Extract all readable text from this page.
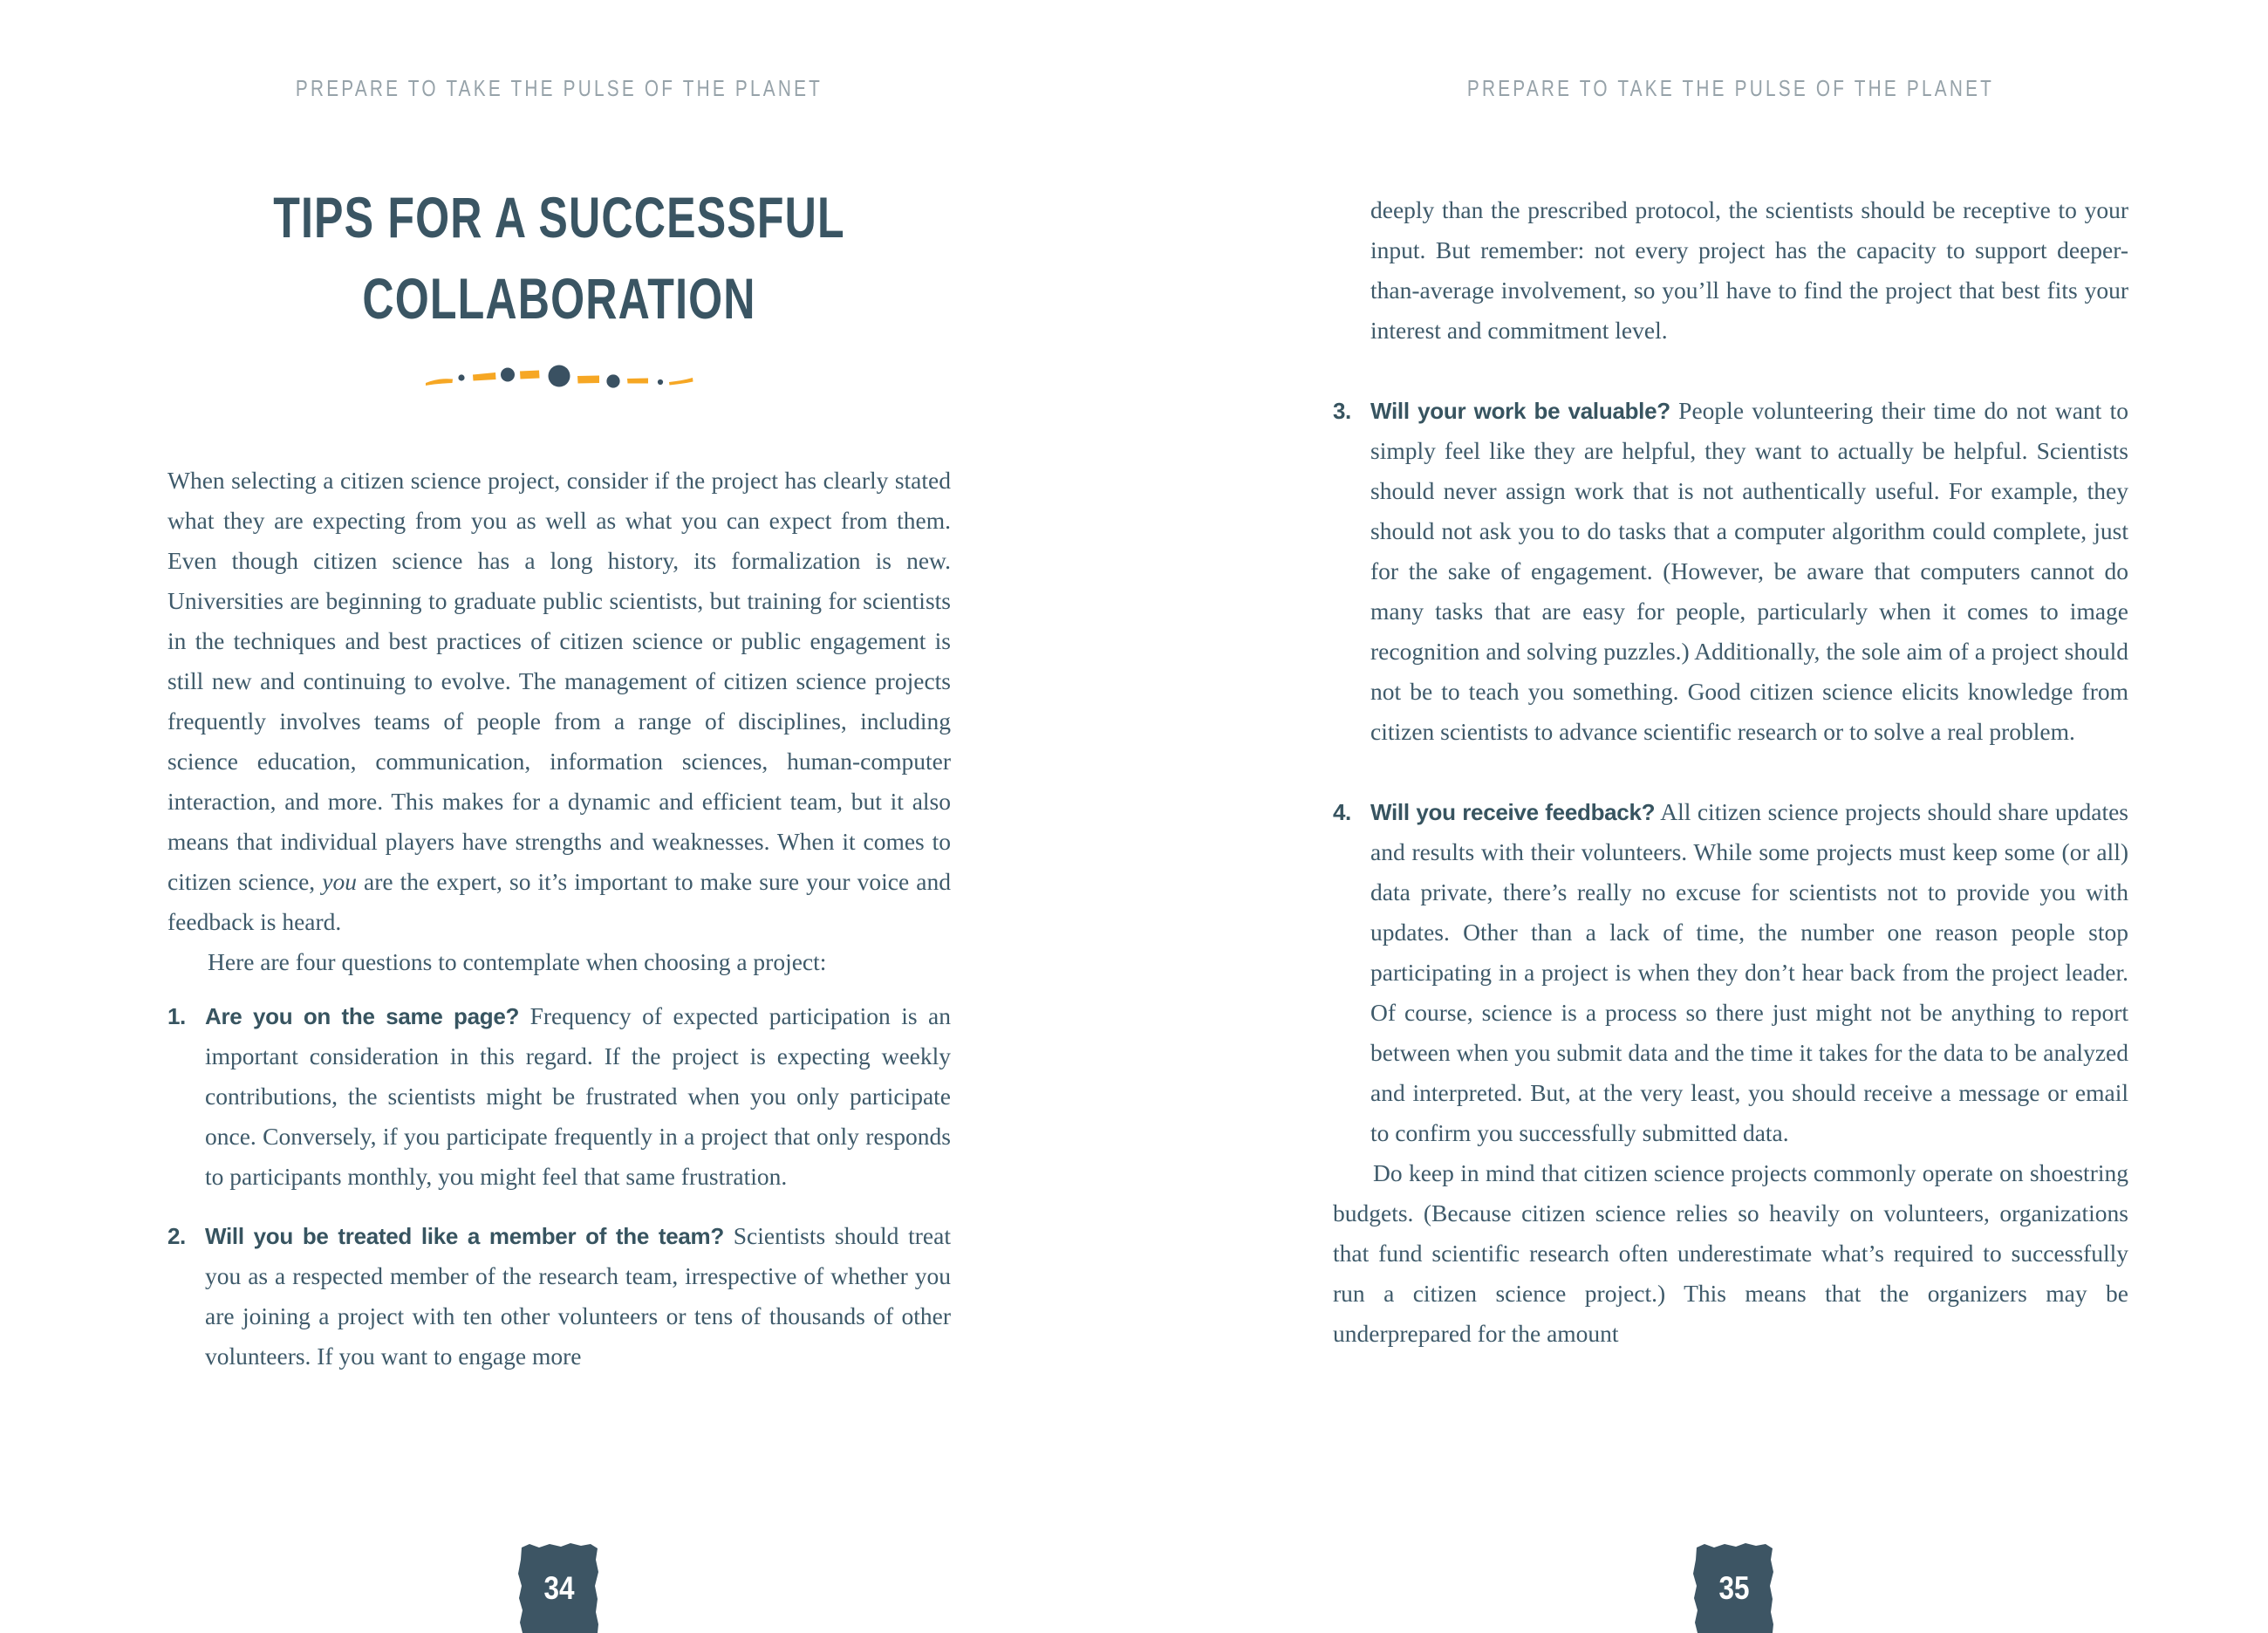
PREPARE TO TAKE THE PULSE OF THE PLANET
TIPS FOR A SUCCESSFUL
COLLABORATION

When selecting a citizen science project, consider if the project has clearly stated what they are expecting from you as well as what you can expect from them. Even though citizen science has a long history, its formalization is new. Universities are beginning to graduate public scientists, but training for scientists in the techniques and best practices of citizen science or public engagement is still new and continuing to evolve. The management of citizen science projects frequently involves teams of people from a range of disciplines, including science education, communication, information sciences, human-computer interaction, and more. This makes for a dynamic and efficient team, but it also means that individual players have strengths and weaknesses. When it comes to citizen science, you are the expert, so it’s important to make sure your voice and feedback is heard.

Here are four questions to contemplate when choosing a project:

1. Are you on the same page? Frequency of expected participation is an important consideration in this regard. If the project is expecting weekly contributions, the scientists might be frustrated when you only participate once. Conversely, if you participate frequently in a project that only responds to participants monthly, you might feel that same frustration.

2. Will you be treated like a member of the team? Scientists should treat you as a respected member of the research team, irrespective of whether you are joining a project with ten other volunteers or tens of thousands of other volunteers. If you want to engage more

34
PREPARE TO TAKE THE PULSE OF THE PLANET

deeply than the prescribed protocol, the scientists should be receptive to your input. But remember: not every project has the capacity to support deeper-than-average involvement, so you’ll have to find the project that best fits your interest and commitment level.

3. Will your work be valuable? People volunteering their time do not want to simply feel like they are helpful, they want to actually be helpful. Scientists should never assign work that is not authentically useful. For example, they should not ask you to do tasks that a computer algorithm could complete, just for the sake of engagement. (However, be aware that computers cannot do many tasks that are easy for people, particularly when it comes to image recognition and solving puzzles.) Additionally, the sole aim of a project should not be to teach you something. Good citizen science elicits knowledge from citizen scientists to advance scientific research or to solve a real problem.

4. Will you receive feedback? All citizen science projects should share updates and results with their volunteers. While some projects must keep some (or all) data private, there’s really no excuse for scientists not to provide you with updates. Other than a lack of time, the number one reason people stop participating in a project is when they don’t hear back from the project leader. Of course, science is a process so there just might not be anything to report between when you submit data and the time it takes for the data to be analyzed and interpreted. But, at the very least, you should receive a message or email to confirm you successfully submitted data.

Do keep in mind that citizen science projects commonly operate on shoestring budgets. (Because citizen science relies so heavily on volunteers, organizations that fund scientific research often underestimate what’s required to successfully run a citizen science project.) This means that the organizers may be underprepared for the amount

35
